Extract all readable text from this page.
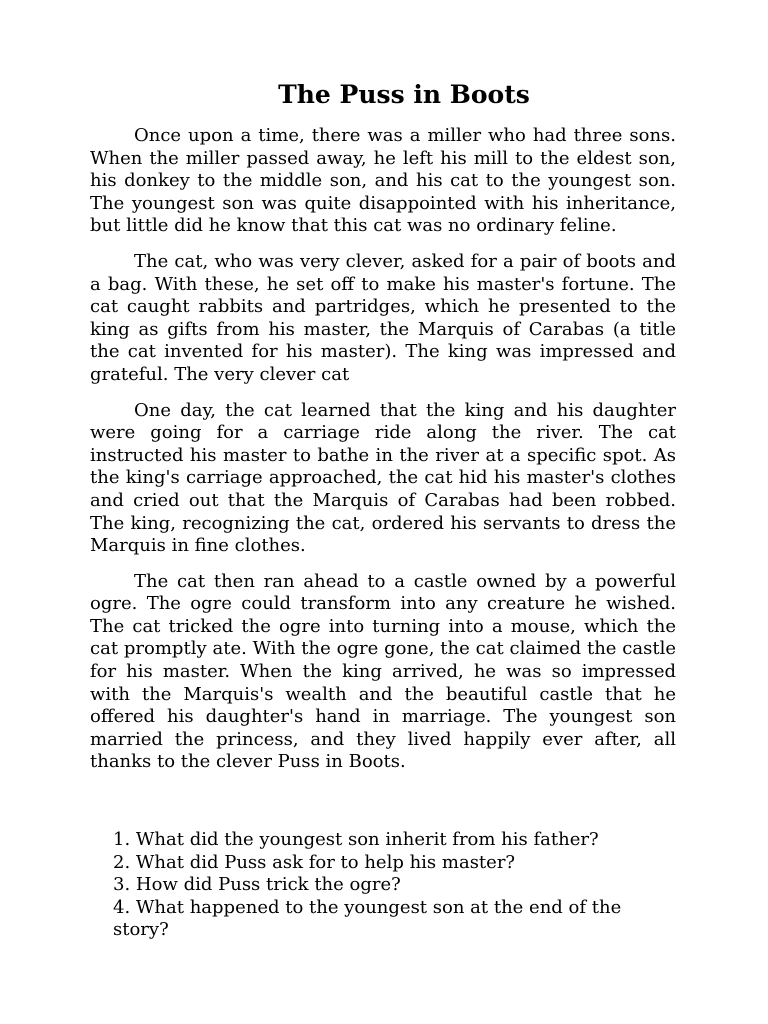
The Puss in Boots

Once upon a time, there was a miller who had three sons. When the miller passed away, he left his mill to the eldest son, his donkey to the middle son, and his cat to the youngest son. The youngest son was quite disappointed with his inheritance, but little did he know that this cat was no ordinary feline.

The cat, who was very clever, asked for a pair of boots and a bag. With these, he set off to make his master's fortune. The cat caught rabbits and partridges, which he presented to the king as gifts from his master, the Marquis of Carabas (a title the cat invented for his master). The king was impressed and grateful. The very clever cat

One day, the cat learned that the king and his daughter were going for a carriage ride along the river. The cat instructed his master to bathe in the river at a specific spot. As the king's carriage approached, the cat hid his master's clothes and cried out that the Marquis of Carabas had been robbed. The king, recognizing the cat, ordered his servants to dress the Marquis in fine clothes.

The cat then ran ahead to a castle owned by a powerful ogre. The ogre could transform into any creature he wished. The cat tricked the ogre into turning into a mouse, which the cat promptly ate. With the ogre gone, the cat claimed the castle for his master. When the king arrived, he was so impressed with the Marquis's wealth and the beautiful castle that he offered his daughter's hand in marriage. The youngest son married the princess, and they lived happily ever after, all thanks to the clever Puss in Boots.

1. What did the youngest son inherit from his father?
2. What did Puss ask for to help his master?
3. How did Puss trick the ogre?
4. What happened to the youngest son at the end of the story?
